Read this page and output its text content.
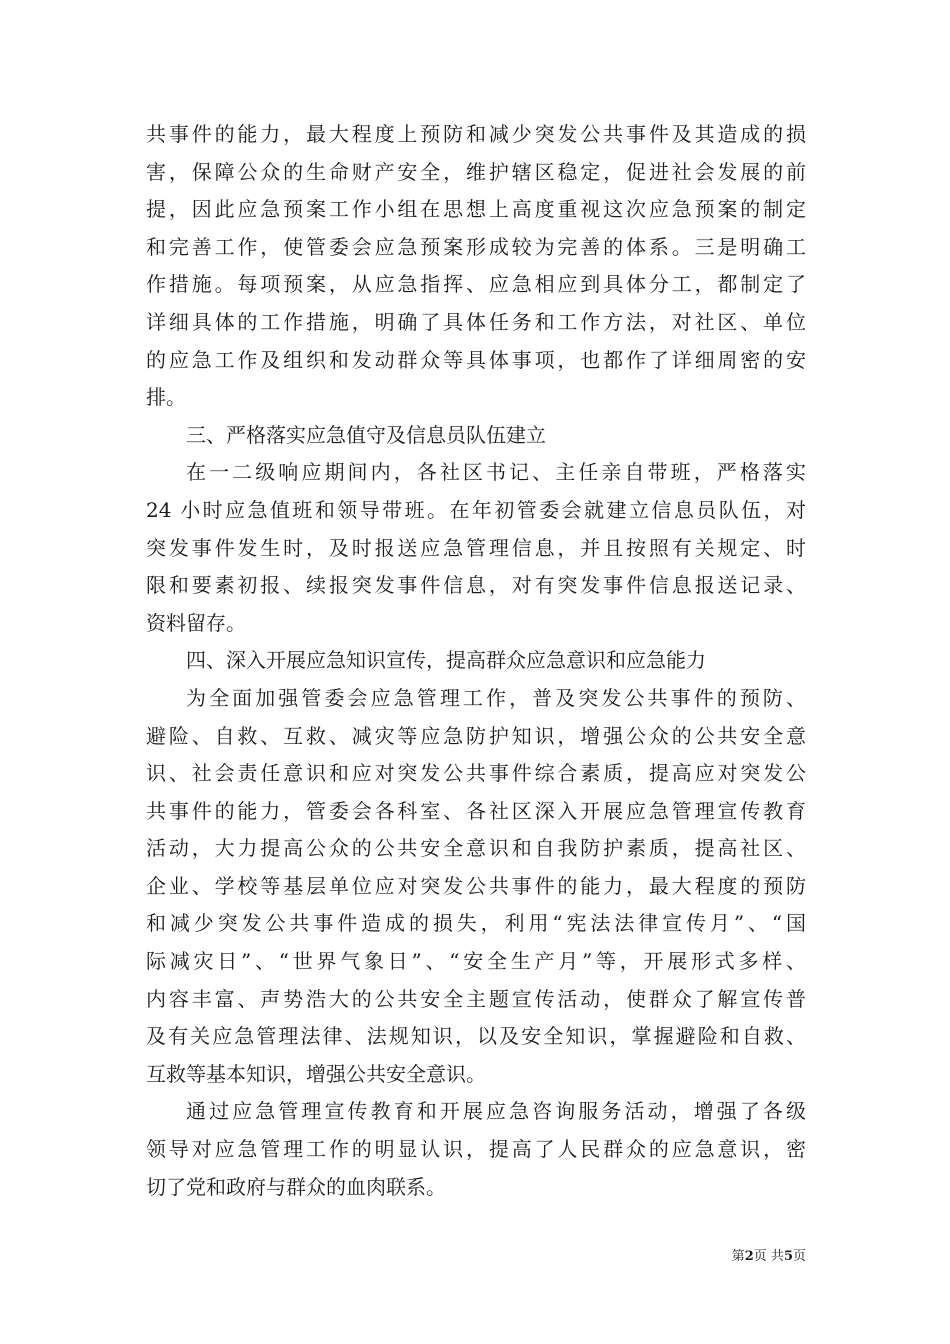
共事件的能力，最大程度上预防和减少突发公共事件及其造成的损
害，保障公众的生命财产安全，维护辖区稳定，促进社会发展的前
提，因此应急预案工作小组在思想上高度重视这次应急预案的制定
和完善工作，使管委会应急预案形成较为完善的体系。三是明确工
作措施。每项预案，从应急指挥、应急相应到具体分工，都制定了
详细具体的工作措施，明确了具体任务和工作方法，对社区、单位
的应急工作及组织和发动群众等具体事项，也都作了详细周密的安
排。
三、严格落实应急值守及信息员队伍建立
在一二级响应期间内，各社区书记、主任亲自带班，严格落实
24 小时应急值班和领导带班。在年初管委会就建立信息员队伍，对
突发事件发生时，及时报送应急管理信息，并且按照有关规定、时
限和要素初报、续报突发事件信息，对有突发事件信息报送记录、
资料留存。
四、深入开展应急知识宣传，提高群众应急意识和应急能力
为全面加强管委会应急管理工作，普及突发公共事件的预防、
避险、自救、互救、减灾等应急防护知识，增强公众的公共安全意
识、社会责任意识和应对突发公共事件综合素质，提高应对突发公
共事件的能力，管委会各科室、各社区深入开展应急管理宣传教育
活动，大力提高公众的公共安全意识和自我防护素质，提高社区、
企业、学校等基层单位应对突发公共事件的能力，最大程度的预防
和减少突发公共事件造成的损失，利用“宪法法律宣传月”、“国
际减灾日”、“世界气象日”、“安全生产月”等，开展形式多样、
内容丰富、声势浩大的公共安全主题宣传活动，使群众了解宣传普
及有关应急管理法律、法规知识，以及安全知识，掌握避险和自救、
互救等基本知识，增强公共安全意识。
通过应急管理宣传教育和开展应急咨询服务活动，增强了各级
领导对应急管理工作的明显认识，提高了人民群众的应急意识，密
切了党和政府与群众的血肉联系。
第2页 共5页
